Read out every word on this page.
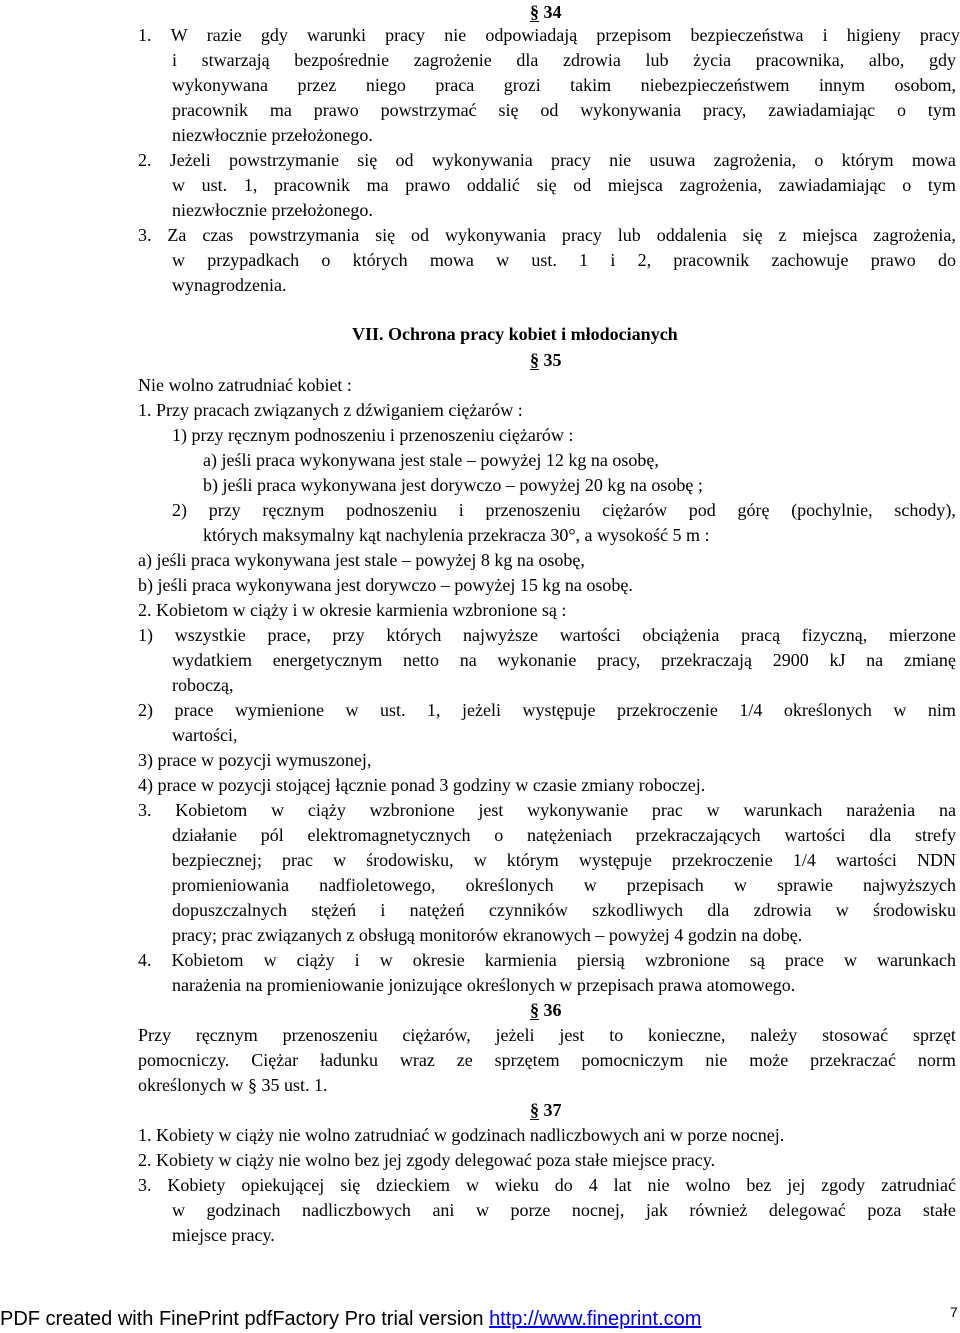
§ 34
1. W razie gdy warunki pracy nie odpowiadają przepisom bezpieczeństwa i higieny pracy
i stwarzają bezpośrednie zagrożenie dla zdrowia lub życia pracownika, albo, gdy
wykonywana przez niego praca grozi takim niebezpieczeństwem innym osobom,
pracownik ma prawo powstrzymać się od wykonywania pracy, zawiadamiając o tym
niezwłocznie przełożonego.
2. Jeżeli powstrzymanie się od wykonywania pracy nie usuwa zagrożenia, o którym mowa
w ust. 1, pracownik ma prawo oddalić się od miejsca zagrożenia, zawiadamiając o tym
niezwłocznie przełożonego.
3. Za czas powstrzymania się od wykonywania pracy lub oddalenia się z miejsca zagrożenia,
w przypadkach o których mowa w ust. 1 i 2, pracownik zachowuje prawo do
wynagrodzenia.
VII. Ochrona pracy kobiet i młodocianych
§ 35
Nie wolno zatrudniać kobiet :
1. Przy pracach związanych z dźwiganiem ciężarów :
1) przy ręcznym podnoszeniu i przenoszeniu ciężarów :
a) jeśli praca wykonywana jest stale – powyżej 12 kg na osobę,
b) jeśli praca wykonywana jest dorywczo – powyżej 20 kg na osobę ;
2) przy ręcznym podnoszeniu i przenoszeniu ciężarów pod górę (pochylnie, schody),
których maksymalny kąt nachylenia przekracza 30°, a wysokość 5 m :
a) jeśli praca wykonywana jest stale – powyżej 8 kg na osobę,
b) jeśli praca wykonywana jest dorywczo – powyżej 15 kg na osobę.
2. Kobietom w ciąży i w okresie karmienia wzbronione są :
1) wszystkie prace, przy których najwyższe wartości obciążenia pracą fizyczną, mierzone
wydatkiem energetycznym netto na wykonanie pracy, przekraczają 2900 kJ na zmianę
roboczą,
2) prace wymienione w ust. 1, jeżeli występuje przekroczenie 1/4 określonych w nim
wartości,
3) prace w pozycji wymuszonej,
4) prace w pozycji stojącej łącznie ponad 3 godziny w czasie zmiany roboczej.
3. Kobietom w ciąży wzbronione jest wykonywanie prac w warunkach narażenia na
działanie pól elektromagnetycznych o natężeniach przekraczających wartości dla strefy
bezpiecznej; prac w środowisku, w którym występuje przekroczenie 1/4 wartości NDN
promieniowania nadfioletowego, określonych w przepisach w sprawie najwyższych
dopuszczalnych stężeń i natężeń czynników szkodliwych dla zdrowia w środowisku
pracy; prac związanych z obsługą monitorów ekranowych – powyżej 4 godzin na dobę.
4. Kobietom w ciąży i w okresie karmienia piersią wzbronione są prace w warunkach
narażenia na promieniowanie jonizujące określonych w przepisach prawa atomowego.
§ 36
Przy ręcznym przenoszeniu ciężarów, jeżeli jest to konieczne, należy stosować sprzęt
pomocniczy. Ciężar ładunku wraz ze sprzętem pomocniczym nie może przekraczać norm
określonych w § 35 ust. 1.
§ 37
1. Kobiety w ciąży nie wolno zatrudniać w godzinach nadliczbowych ani w porze nocnej.
2. Kobiety w ciąży nie wolno bez jej zgody delegować poza stałe miejsce pracy.
3. Kobiety opiekującej się dzieckiem w wieku do 4 lat nie wolno bez jej zgody zatrudniać
w godzinach nadliczbowych ani w porze nocnej, jak również delegować poza stałe
miejsce pracy.
PDF created with FinePrint pdfFactory Pro trial version http://www.fineprint.com	7
